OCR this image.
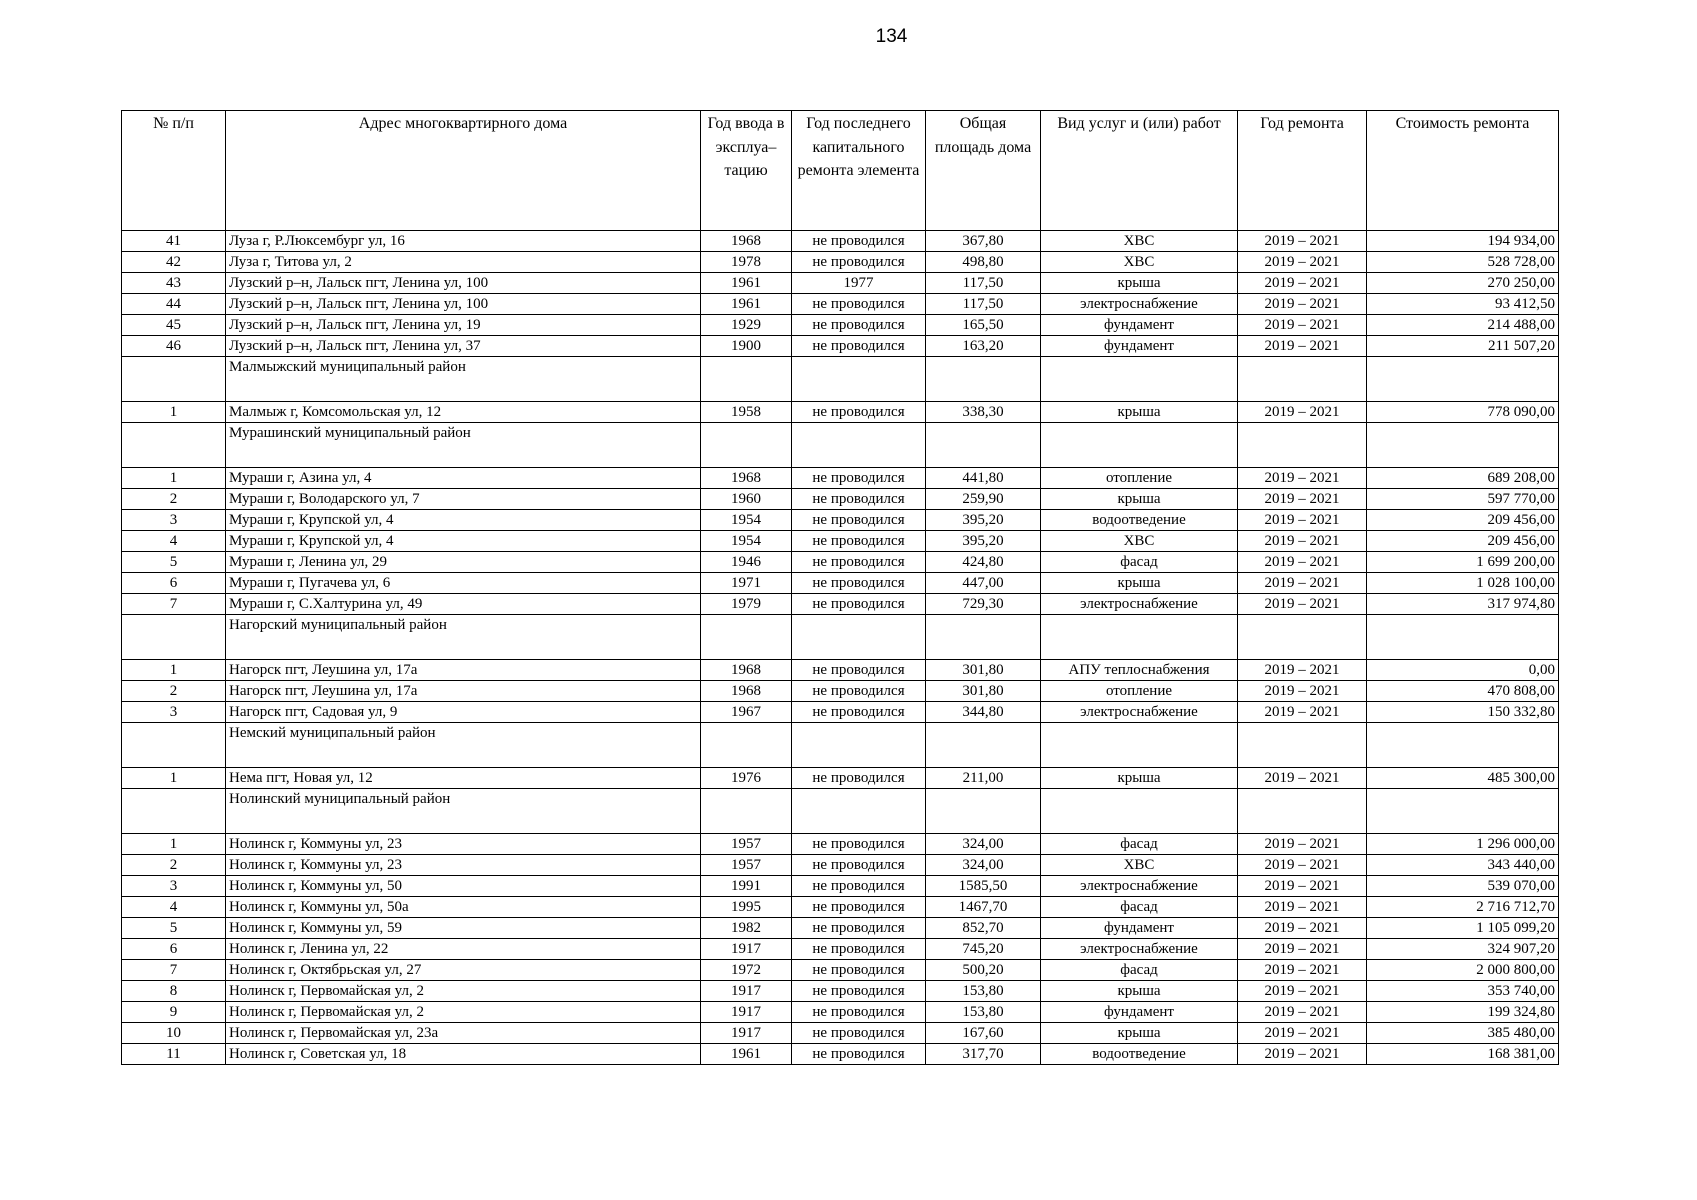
134
№ п/п	Адрес многоквартирного дома	Год ввода в эксплуа–тацию	Год последнего капитального ремонта элемента	Общая площадь дома	Вид услуг и (или) работ	Год ремонта	Стоимость ремонта
41	Луза г, Р.Люксембург ул, 16	1968	не проводился	367,80	ХВС	2019 – 2021	194 934,00
42	Луза г, Титова ул, 2	1978	не проводился	498,80	ХВС	2019 – 2021	528 728,00
43	Лузский р–н, Лальск пгт, Ленина ул, 100	1961	1977	117,50	крыша	2019 – 2021	270 250,00
44	Лузский р–н, Лальск пгт, Ленина ул, 100	1961	не проводился	117,50	электроснабжение	2019 – 2021	93 412,50
45	Лузский р–н, Лальск пгт, Ленина ул, 19	1929	не проводился	165,50	фундамент	2019 – 2021	214 488,00
46	Лузский р–н, Лальск пгт, Ленина ул, 37	1900	не проводился	163,20	фундамент	2019 – 2021	211 507,20
	Малмыжский муниципальный район						
1	Малмыж г, Комсомольская ул, 12	1958	не проводился	338,30	крыша	2019 – 2021	778 090,00
	Мурашинский муниципальный район						
1	Мураши г, Азина ул, 4	1968	не проводился	441,80	отопление	2019 – 2021	689 208,00
2	Мураши г, Володарского ул, 7	1960	не проводился	259,90	крыша	2019 – 2021	597 770,00
3	Мураши г, Крупской ул, 4	1954	не проводился	395,20	водоотведение	2019 – 2021	209 456,00
4	Мураши г, Крупской ул, 4	1954	не проводился	395,20	ХВС	2019 – 2021	209 456,00
5	Мураши г, Ленина ул, 29	1946	не проводился	424,80	фасад	2019 – 2021	1 699 200,00
6	Мураши г, Пугачева ул, 6	1971	не проводился	447,00	крыша	2019 – 2021	1 028 100,00
7	Мураши г, С.Халтурина ул, 49	1979	не проводился	729,30	электроснабжение	2019 – 2021	317 974,80
	Нагорский муниципальный район						
1	Нагорск пгт, Леушина ул, 17а	1968	не проводился	301,80	АПУ теплоснабжения	2019 – 2021	0,00
2	Нагорск пгт, Леушина ул, 17а	1968	не проводился	301,80	отопление	2019 – 2021	470 808,00
3	Нагорск пгт, Садовая ул, 9	1967	не проводился	344,80	электроснабжение	2019 – 2021	150 332,80
	Немский муниципальный район						
1	Нема пгт, Новая ул, 12	1976	не проводился	211,00	крыша	2019 – 2021	485 300,00
	Нолинский муниципальный район						
1	Нолинск г, Коммуны ул, 23	1957	не проводился	324,00	фасад	2019 – 2021	1 296 000,00
2	Нолинск г, Коммуны ул, 23	1957	не проводился	324,00	ХВС	2019 – 2021	343 440,00
3	Нолинск г, Коммуны ул, 50	1991	не проводился	1585,50	электроснабжение	2019 – 2021	539 070,00
4	Нолинск г, Коммуны ул, 50а	1995	не проводился	1467,70	фасад	2019 – 2021	2 716 712,70
5	Нолинск г, Коммуны ул, 59	1982	не проводился	852,70	фундамент	2019 – 2021	1 105 099,20
6	Нолинск г, Ленина ул, 22	1917	не проводился	745,20	электроснабжение	2019 – 2021	324 907,20
7	Нолинск г, Октябрьская ул, 27	1972	не проводился	500,20	фасад	2019 – 2021	2 000 800,00
8	Нолинск г, Первомайская ул, 2	1917	не проводился	153,80	крыша	2019 – 2021	353 740,00
9	Нолинск г, Первомайская ул, 2	1917	не проводился	153,80	фундамент	2019 – 2021	199 324,80
10	Нолинск г, Первомайская ул, 23а	1917	не проводился	167,60	крыша	2019 – 2021	385 480,00
11	Нолинск г, Советская ул, 18	1961	не проводился	317,70	водоотведение	2019 – 2021	168 381,00
